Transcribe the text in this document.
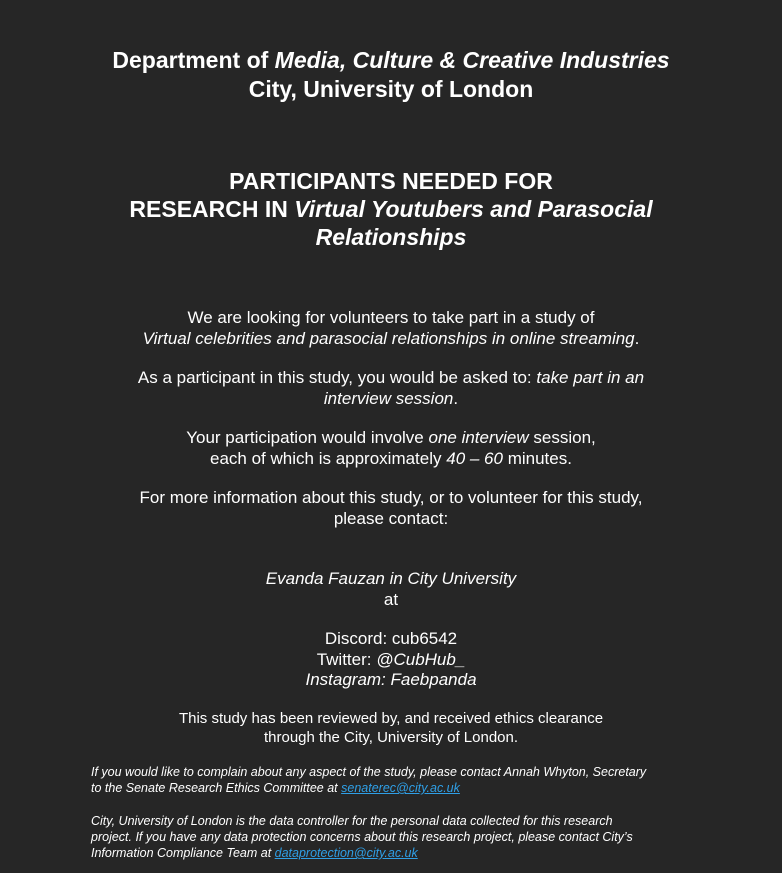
Department of Media, Culture & Creative Industries
City, University of London
PARTICIPANTS NEEDED FOR
RESEARCH IN Virtual Youtubers and Parasocial
Relationships
We are looking for volunteers to take part in a study of
Virtual celebrities and parasocial relationships in online streaming.
As a participant in this study, you would be asked to: take part in an
interview session.
Your participation would involve one interview session,
each of which is approximately 40 – 60 minutes.
For more information about this study, or to volunteer for this study,
please contact:
Evanda Fauzan in City University
at
Discord: cub6542
Twitter: @CubHub_
Instagram: Faebpanda
This study has been reviewed by, and received ethics clearance
through the City, University of London.
If you would like to complain about any aspect of the study, please contact Annah Whyton, Secretary
to the Senate Research Ethics Committee at senaterec@city.ac.uk
City, University of London is the data controller for the personal data collected for this research
project. If you have any data protection concerns about this research project, please contact City’s
Information Compliance Team at dataprotection@city.ac.uk
